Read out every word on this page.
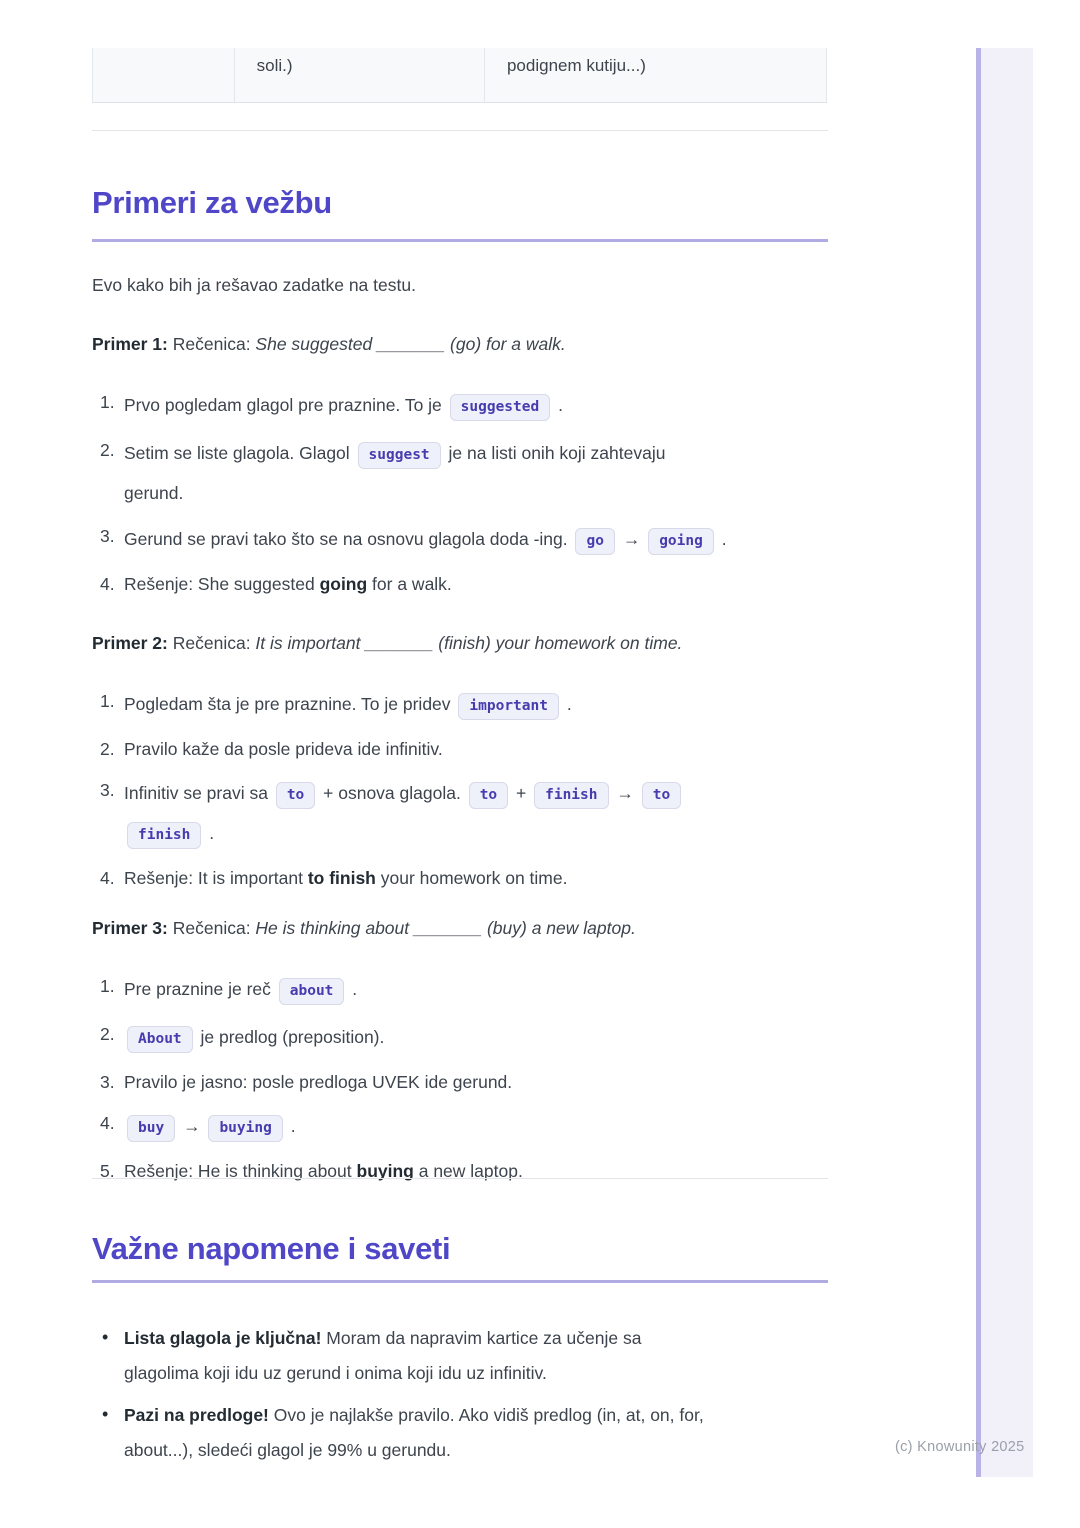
soli.)	podignem kutiju...)
Primeri za vežbu

Evo kako bih ja rešavao zadatke na testu.

Primer 1: Rečenica: She suggested _______ (go) for a walk.

Prvo pogledam glagol pre praznine. To je suggested .
Setim se liste glagola. Glagol suggest je na listi onih koji zahtevaju
gerund.
Gerund se pravi tako što se na osnovu glagola doda -ing. go → going .
Rešenje: She suggested going for a walk.

Primer 2: Rečenica: It is important _______ (finish) your homework on time.

Pogledam šta je pre praznine. To je pridev important .
Pravilo kaže da posle prideva ide infinitiv.
Infinitiv se pravi sa to + osnova glagola. to + finish → to
finish .
Rešenje: It is important to finish your homework on time.

Primer 3: Rečenica: He is thinking about _______ (buy) a new laptop.

Pre praznine je reč about .
About je predlog (preposition).
Pravilo je jasno: posle predloga UVEK ide gerund.
buy → buying .
Rešenje: He is thinking about buying a new laptop.
Važne napomene i saveti
• Lista glagola je ključna! Moram da napravim kartice za učenje sa
glagolima koji idu uz gerund i onima koji idu uz infinitiv.
• Pazi na predloge! Ovo je najlakše pravilo. Ako vidiš predlog (in, at, on, for,
about...), sledeći glagol je 99% u gerundu.	(c) Knowunity 2025
